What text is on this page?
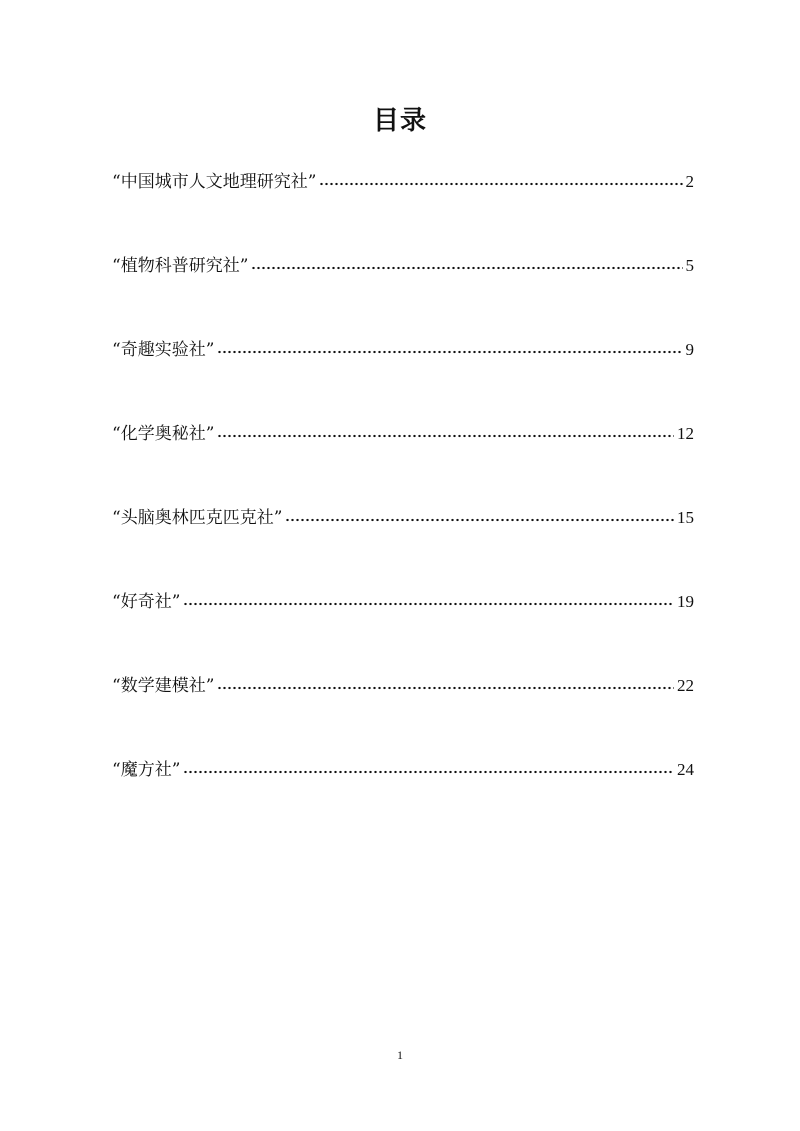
目录
“中国城市人文地理研究社”	2
“植物科普研究社”	5
“奇趣实验社”	9
“化学奥秘社”	12
“头脑奥林匹克匹克社”	15
“好奇社”	19
“数学建模社”	22
“魔方社”	24
1
